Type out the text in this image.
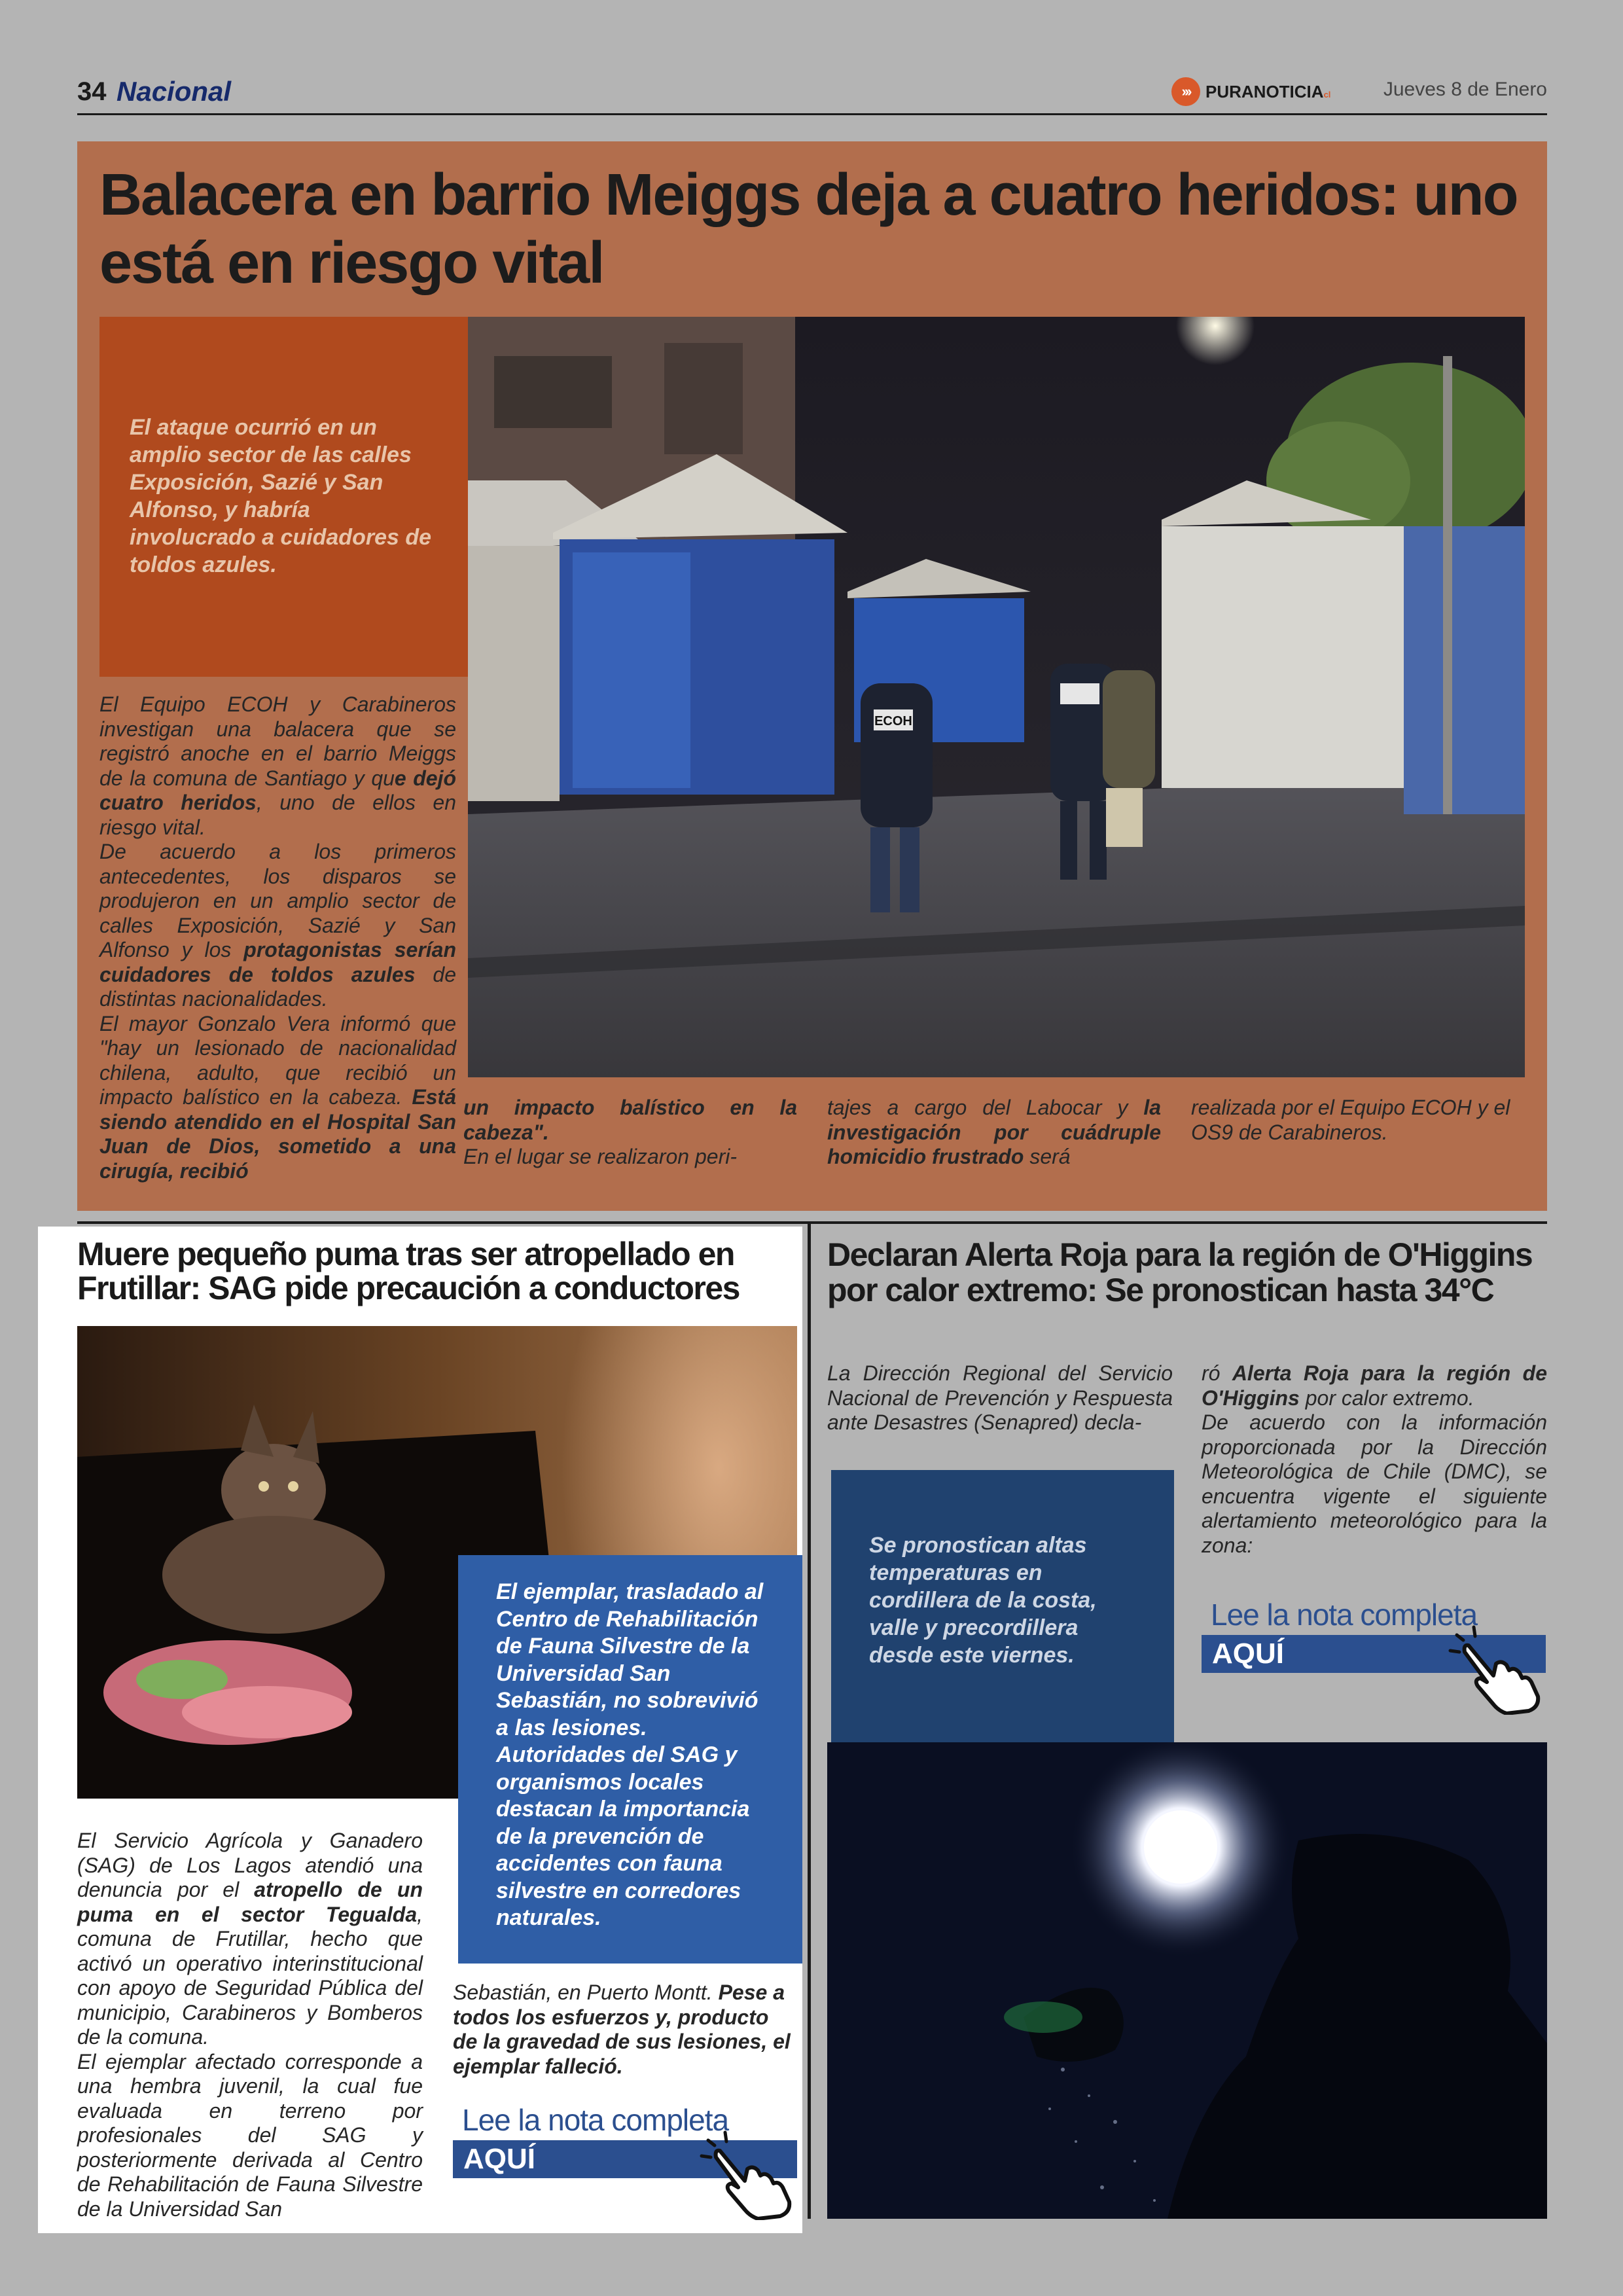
34 Nacional	››› PURANOTICIAcl	Jueves 8 de Enero
Balacera en barrio Meiggs deja a cuatro heridos: uno está en riesgo vital
El ataque ocurrió en un amplio sector de las calles Exposición, Sazié y San Alfonso, y habría involucrado a cuidadores de toldos azules.
ECOH

El Equipo ECOH y Carabineros investigan una balacera que se registró anoche en el barrio Meiggs de la comuna de Santiago y que dejó cuatro heridos, uno de ellos en riesgo vital.

De acuerdo a los primeros antecedentes, los disparos se produjeron en un amplio sector de calles Exposición, Sazié y San Alfonso y los protagonistas serían cuidadores de toldos azules de distintas nacionalidades.

El mayor Gonzalo Vera informó que "hay un lesionado de nacionalidad chilena, adulto, que recibió un impacto balístico en la cabeza. Está siendo atendido en el Hospital San Juan de Dios, sometido a una cirugía, recibió

un impacto balístico en la cabeza".

En el lugar se realizaron peri-

tajes a cargo del Labocar y la investigación por cuádruple homicidio frustrado será

realizada por el Equipo ECOH y el OS9 de Carabineros.

Muere pequeño puma tras ser atropellado en Frutillar: SAG pide precaución a conductores
El ejemplar, trasladado al Centro de Rehabilitación de Fauna Silvestre de la Universidad San Sebastián, no sobrevivió a las lesiones. Autoridades del SAG y organismos locales destacan la importancia de la prevención de accidentes con fauna silvestre en corredores naturales.

El Servicio Agrícola y Ganadero (SAG) de Los Lagos atendió una denuncia por el atropello de un puma en el sector Tegualda, comuna de Frutillar, hecho que activó un operativo interinstitucional con apoyo de Seguridad Pública del municipio, Carabineros y Bomberos de la comuna.

El ejemplar afectado corresponde a una hembra juvenil, la cual fue evaluada en terreno por profesionales del SAG y posteriormente derivada al Centro de Rehabilitación de Fauna Silvestre de la Universidad San

Sebastián, en Puerto Montt. Pese a todos los esfuerzos y, producto de la gravedad de sus lesiones, el ejemplar falleció.

Lee la nota completa
AQUÍ
Declaran Alerta Roja para la región de O'Higgins por calor extremo: Se pronostican hasta 34°C

La Dirección Regional del Servicio Nacional de Prevención y Respuesta ante Desastres (Senapred) decla-

ró Alerta Roja para la región de O'Higgins por calor extremo.

De acuerdo con la información proporcionada por la Dirección Meteorológica de Chile (DMC), se encuentra vigente el siguiente alertamiento meteorológico para la zona:

Se pronostican altas temperaturas en cordillera de la costa, valle y precordillera desde este viernes.
Lee la nota completa
AQUÍ
